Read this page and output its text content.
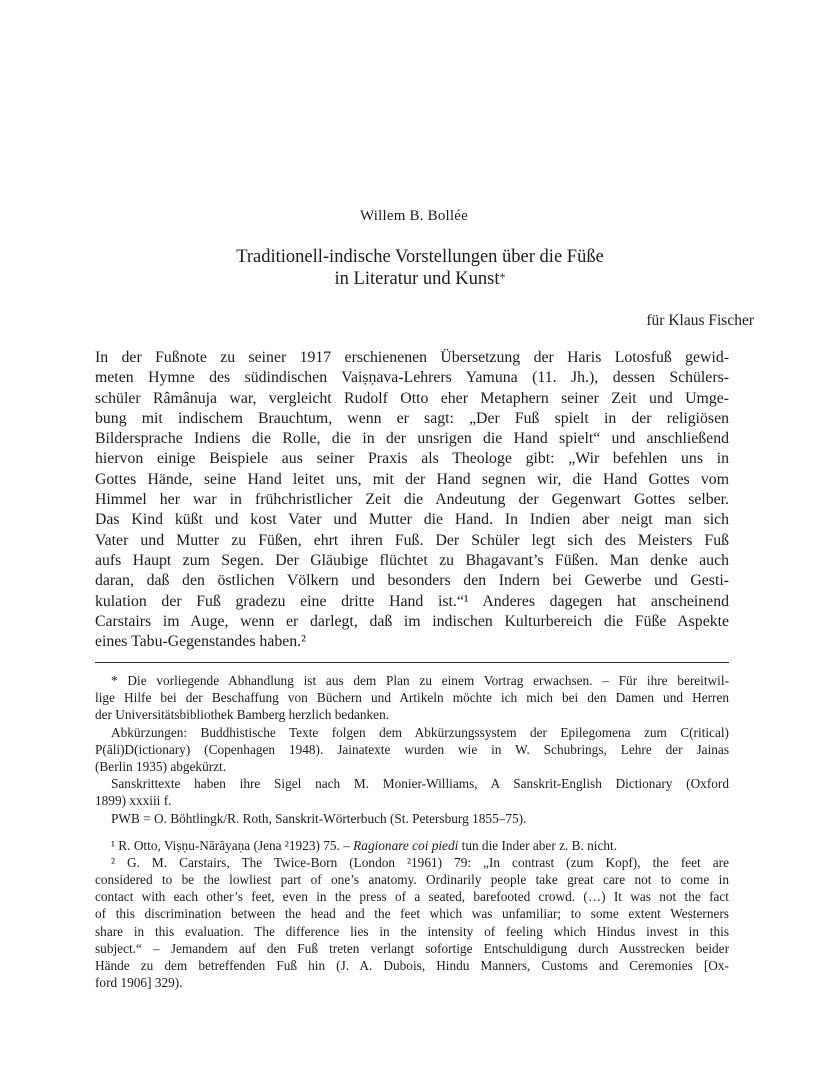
Willem B. Bollée
Traditionell-indische Vorstellungen über die Füße
in Literatur und Kunst*
für Klaus Fischer
In der Fußnote zu seiner 1917 erschienenen Übersetzung der Haris Lotosfuß gewid-
meten Hymne des südindischen Vaiṣṇava-Lehrers Yamuna (11. Jh.), dessen Schülers-
schüler Râmânuja war, vergleicht Rudolf Otto eher Metaphern seiner Zeit und Umge-
bung mit indischem Brauchtum, wenn er sagt: „Der Fuß spielt in der religiösen
Bildersprache Indiens die Rolle, die in der unsrigen die Hand spielt“ und anschließend
hiervon einige Beispiele aus seiner Praxis als Theologe gibt: „Wir befehlen uns in
Gottes Hände, seine Hand leitet uns, mit der Hand segnen wir, die Hand Gottes vom
Himmel her war in frühchristlicher Zeit die Andeutung der Gegenwart Gottes selber.
Das Kind küßt und kost Vater und Mutter die Hand. In Indien aber neigt man sich
Vater und Mutter zu Füßen, ehrt ihren Fuß. Der Schüler legt sich des Meisters Fuß
aufs Haupt zum Segen. Der Gläubige flüchtet zu Bhagavant’s Füßen. Man denke auch
daran, daß den östlichen Völkern und besonders den Indern bei Gewerbe und Gesti-
kulation der Fuß gradezu eine dritte Hand ist.“¹ Anderes dagegen hat anscheinend
Carstairs im Auge, wenn er darlegt, daß im indischen Kulturbereich die Füße Aspekte
eines Tabu-Gegenstandes haben.²
* Die vorliegende Abhandlung ist aus dem Plan zu einem Vortrag erwachsen. – Für ihre bereitwil-
lige Hilfe bei der Beschaffung von Büchern und Artikeln möchte ich mich bei den Damen und Herren
der Universitätsbibliothek Bamberg herzlich bedanken.
Abkürzungen: Buddhistische Texte folgen dem Abkürzungssystem der Epilegomena zum C(ritical)
P(āli)D(ictionary) (Copenhagen 1948). Jainatexte wurden wie in W. Schubrings, Lehre der Jainas
(Berlin 1935) abgekürzt.
Sanskrittexte haben ihre Sigel nach M. Monier-Williams, A Sanskrit-English Dictionary (Oxford
1899) xxxiii f.
PWB = O. Böhtlingk/R. Roth, Sanskrit-Wörterbuch (St. Petersburg 1855–75).
¹ R. Otto, Viṣṇu-Nārāyaṇa (Jena ²1923) 75. – Ragionare coi piedi tun die Inder aber z. B. nicht.
² G. M. Carstairs, The Twice-Born (London ²1961) 79: „In contrast (zum Kopf), the feet are
considered to be the lowliest part of one’s anatomy. Ordinarily people take great care not to come in
contact with each other’s feet, even in the press of a seated, barefooted crowd. (…) It was not the fact
of this discrimination between the head and the feet which was unfamiliar; to some extent Westerners
share in this evaluation. The difference lies in the intensity of feeling which Hindus invest in this
subject.“ – Jemandem auf den Fuß treten verlangt sofortige Entschuldigung durch Ausstrecken beider
Hände zu dem betreffenden Fuß hin (J. A. Dubois, Hindu Manners, Customs and Ceremonies [Ox-
ford 1906] 329).
